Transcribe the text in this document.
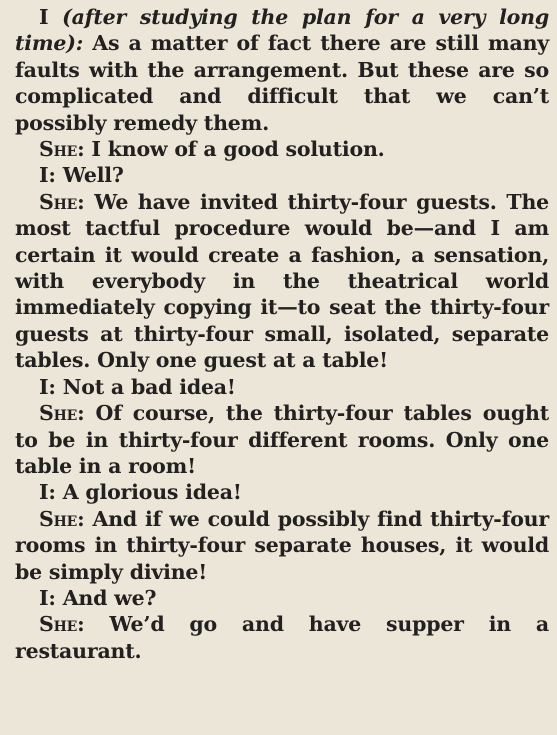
I (after studying the plan for a very long time): As a matter of fact there are still many faults with the arrangement. But these are so complicated and difficult that we can’t possibly remedy them.

She: I know of a good solution.

I: Well?

She: We have invited thirty-four guests. The most tactful procedure would be—and I am certain it would create a fashion, a sensation, with everybody in the theatrical world immediately copying it—to seat the thirty-four guests at thirty-four small, isolated, separate tables. Only one guest at a table!

I: Not a bad idea!

She: Of course, the thirty-four tables ought to be in thirty-four different rooms. Only one table in a room!

I: A glorious idea!

She: And if we could possibly find thirty-four rooms in thirty-four separate houses, it would be simply divine!

I: And we?

She: We’d go and have supper in a restaurant.
